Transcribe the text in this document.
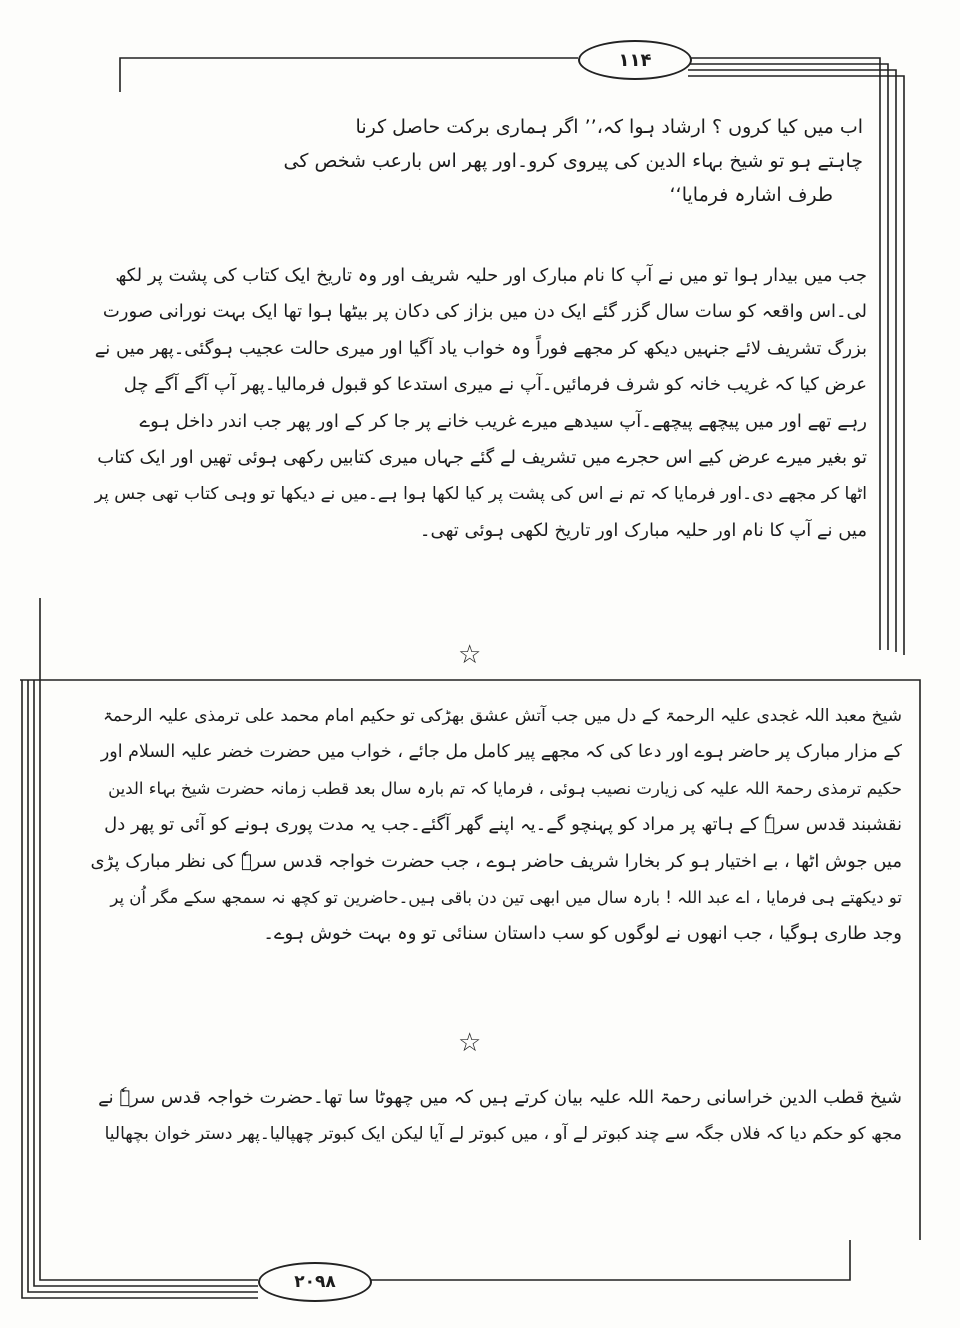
۱۱۴
اب میں کیا کروں ؟ ارشاد ہوا کہ،’’ اگر ہماری برکت حاصل کرنا
چاہتے ہو تو شیخ بہاء الدین کی پیروی کرو۔اور پھر اس بارعب شخص کی
طرف اشارہ فرمایا‘‘
جب میں بیدار ہوا تو میں نے آپ کا نام مبارک اور حلیہ شریف اور وہ تاریخ ایک کتاب کی پشت پر لکھ
لی۔اس واقعہ کو سات سال گزر گئے ایک دن میں بزاز کی دکان پر بیٹھا ہوا تھا ایک بہت نورانی صورت
بزرگ تشریف لائے جنہیں دیکھ کر مجھے فوراً وہ خواب یاد آگیا اور میری حالت عجیب ہوگئی۔پھر میں نے
عرض کیا کہ غریب خانہ کو شرف فرمائیں۔آپ نے میری استدعا کو قبول فرمالیا۔پھر آپ آگے آگے چل
رہے تھے اور میں پیچھے پیچھے۔آپ سیدھے میرے غریب خانے پر جا کر کے اور پھر جب اندر داخل ہوے
تو بغیر میرے عرض کیے اس حجرے میں تشریف لے گئے جہاں میری کتابیں رکھی ہوئی تھیں اور ایک کتاب
اٹھا کر مجھے دی۔اور فرمایا کہ تم نے اس کی پشت پر کیا لکھا ہوا ہے۔میں نے دیکھا تو وہی کتاب تھی جس پر
میں نے آپ کا نام اور حلیہ مبارک اور تاریخ لکھی ہوئی تھی۔
☆
شیخ معبد اللہ غجدی علیہ الرحمۃ کے دل میں جب آتش عشق بھڑکی تو حکیم امام محمد علی ترمذی علیہ الرحمۃ
کے مزار مبارک پر حاضر ہوے اور دعا کی کہ مجھے پیر کامل مل جائے ، خواب میں حضرت خضر علیہ السلام اور
حکیم ترمذی رحمۃ اللہ علیہ کی زیارت نصیب ہوئی ، فرمایا کہ تم بارہ سال بعد قطب زمانہ حضرت شیخ بہاء الدین
نقشبند قدس سرہٗ کے ہاتھ پر مراد کو پہنچو گے۔یہ اپنے گھر آگئے۔جب یہ مدت پوری ہونے کو آئی تو پھر دل
میں جوش اٹھا ، بے اختیار ہو کر بخارا شریف حاضر ہوے ، جب حضرت خواجہ قدس سرہٗ کی نظر مبارک پڑی
تو دیکھتے ہی فرمایا ، اے عبد اللہ ! بارہ سال میں ابھی تین دن باقی ہیں۔حاضرین تو کچھ نہ سمجھ سکے مگر اُن پر
وجد طاری ہوگیا ، جب انھوں نے لوگوں کو سب داستان سنائی تو وہ بہت خوش ہوے۔
☆
شیخ قطب الدین خراسانی رحمۃ اللہ علیہ بیان کرتے ہیں کہ میں چھوٹا سا تھا۔حضرت خواجہ قدس سرہٗ نے
مجھ کو حکم دیا کہ فلاں جگہ سے چند کبوتر لے آو ، میں کبوتر لے آیا لیکن ایک کبوتر چھپالیا۔پھر دستر خوان بچھالیا
۲۰۹۸
